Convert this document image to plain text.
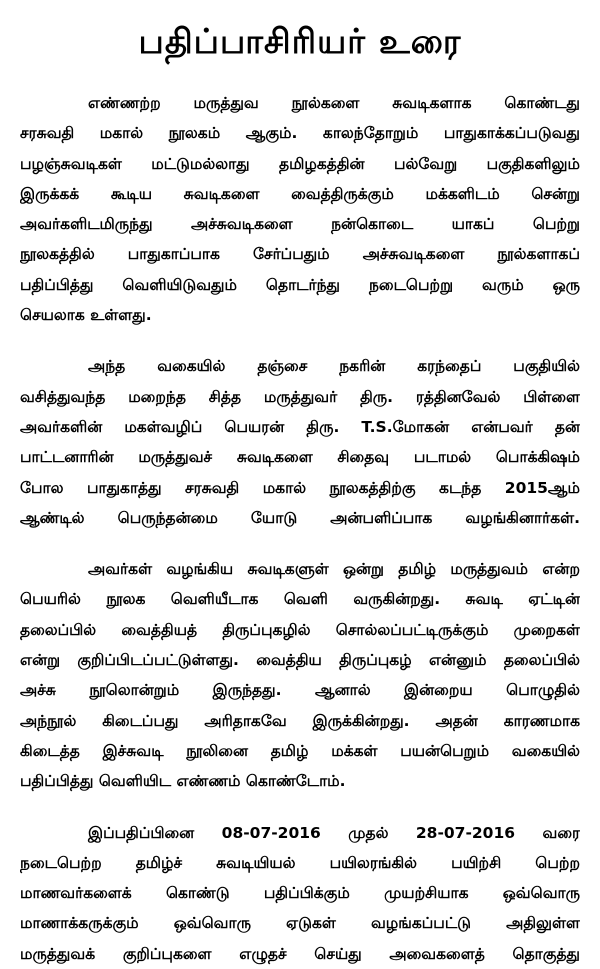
பதிப்பாசிரியர் உரை
எண்ணற்ற மருத்துவ நூல்களை சுவடிகளாக கொண்டது
சரசுவதி மகால் நூலகம் ஆகும். காலந்தோறும் பாதுகாக்கப்படுவது
பழஞ்சுவடிகள் மட்டுமல்லாது தமிழகத்தின் பல்வேறு பகுதிகளிலும்
இருக்கக் கூடிய சுவடிகளை வைத்திருக்கும் மக்களிடம் சென்று
அவர்களிடமிருந்து அச்சுவடிகளை நன்கொடை யாகப் பெற்று
நூலகத்தில் பாதுகாப்பாக சேர்ப்பதும் அச்சுவடிகளை நூல்களாகப்
பதிப்பித்து வெளியிடுவதும் தொடர்ந்து நடைபெற்று வரும் ஒரு
செயலாக உள்ளது.
அந்த வகையில் தஞ்சை நகரின் கரந்தைப் பகுதியில்
வசித்துவந்த மறைந்த சித்த மருத்துவர் திரு. ரத்தினவேல் பிள்ளை
அவர்களின் மகள்வழிப் பெயரன் திரு. T.S.மோகன் என்பவர் தன்
பாட்டனாரின் மருத்துவச் சுவடிகளை சிதைவு படாமல் பொக்கிஷம்
போல பாதுகாத்து சரசுவதி மகால் நூலகத்திற்கு கடந்த 2015ஆம்
ஆண்டில் பெருந்தன்மை யோடு அன்பளிப்பாக வழங்கினார்கள்.
அவர்கள் வழங்கிய சுவடிகளுள் ஒன்று தமிழ் மருத்துவம் என்ற
பெயரில் நூலக வெளியீடாக வெளி வருகின்றது. சுவடி ஏட்டின்
தலைப்பில் வைத்தியத் திருப்புகழில் சொல்லப்பட்டிருக்கும் முறைகள்
என்று குறிப்பிடப்பட்டுள்ளது. வைத்திய திருப்புகழ் என்னும் தலைப்பில்
அச்சு நூலொன்றும் இருந்தது. ஆனால் இன்றைய பொழுதில்
அந்நூல் கிடைப்பது அரிதாகவே இருக்கின்றது. அதன் காரணமாக
கிடைத்த இச்சுவடி நூலினை தமிழ் மக்கள் பயன்பெறும் வகையில்
பதிப்பித்து வெளியிட எண்ணம் கொண்டோம்.
இப்பதிப்பினை 08-07-2016 முதல் 28-07-2016 வரை
நடைபெற்ற தமிழ்ச் சுவடியியல் பயிலரங்கில் பயிற்சி பெற்ற
மாணவர்களைக் கொண்டு பதிப்பிக்கும் முயற்சியாக ஒவ்வொரு
மாணாக்கருக்கும் ஒவ்வொரு ஏடுகள் வழங்கப்பட்டு அதிலுள்ள
மருத்துவக் குறிப்புகளை எழுதச் செய்து அவைகளைத் தொகுத்து
